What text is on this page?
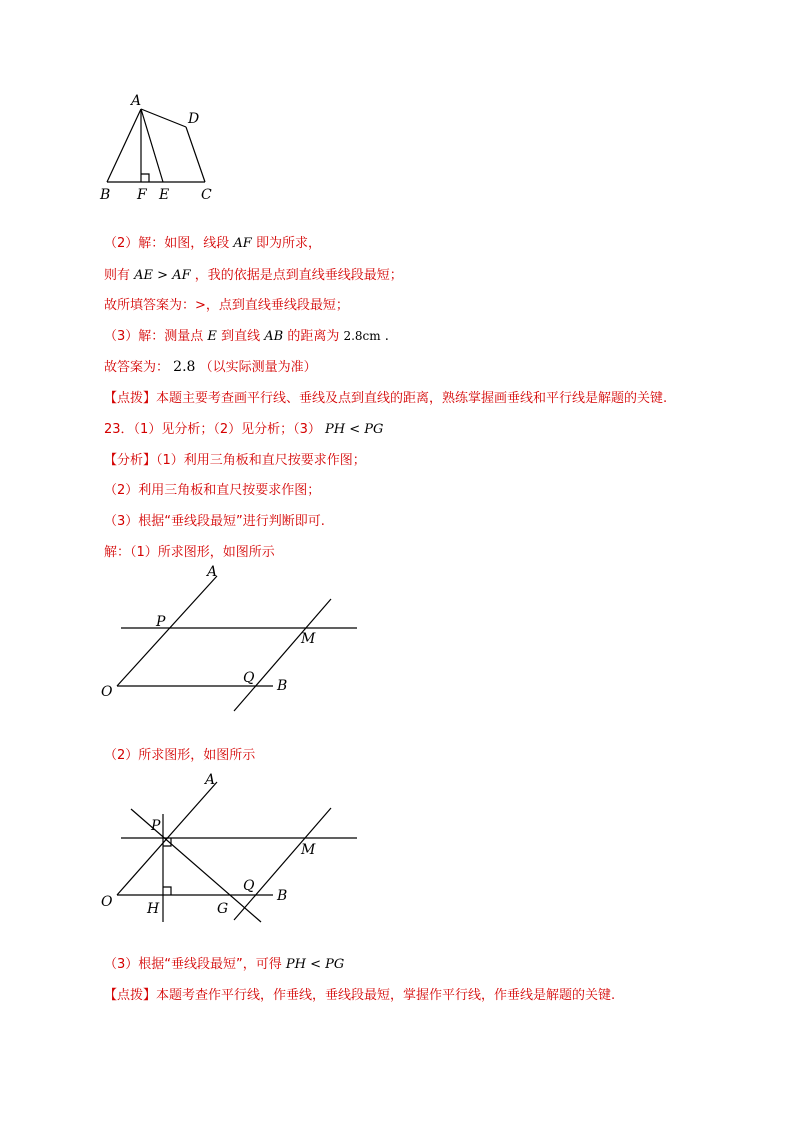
A
D
B F E C
（2）解：如图，线段 AF 即为所求，
则有 AE > AF ，我的依据是点到直线垂线段最短；
故所填答案为：>，点到直线垂线段最短；
（3）解：测量点 E 到直线 AB 的距离为 2.8cm .
故答案为： 2.8 （以实际测量为准）
【点拨】本题主要考查画平行线、垂线及点到直线的距离，熟练掌握画垂线和平行线是解题的关键.
23．（1）见分析；（2）见分析；（3） PH < PG
【分析】（1）利用三角板和直尺按要求作图；
（2）利用三角板和直尺按要求作图；
（3）根据“垂线段最短”进行判断即可.
解：（1）所求图形，如图所示
A
P
M
Q
O	B
（2）所求图形，如图所示
A
P
M
Q
O H	G
B
（3）根据“垂线段最短”，可得 PH < PG
【点拨】本题考查作平行线，作垂线，垂线段最短，掌握作平行线，作垂线是解题的关键.
